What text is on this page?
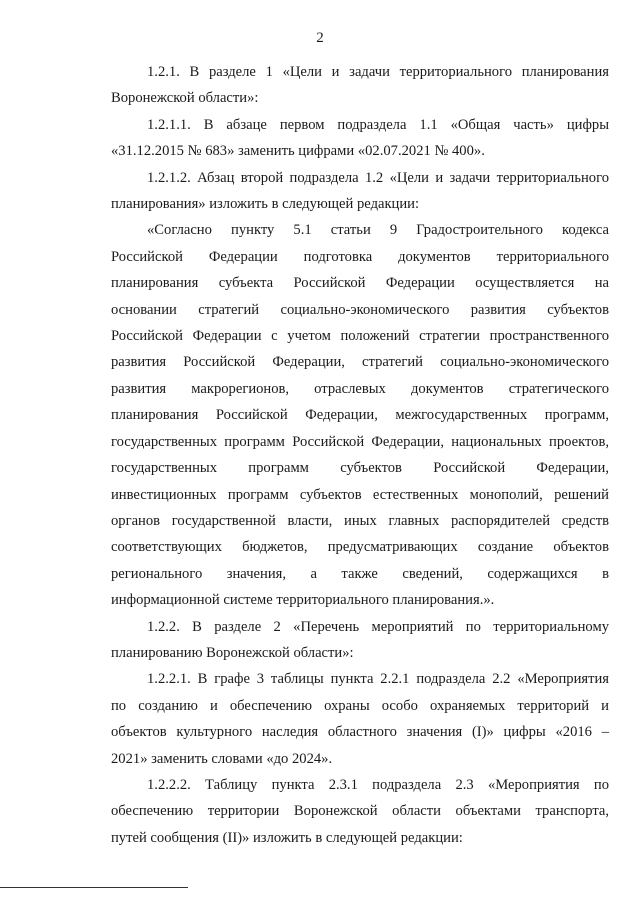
2
1.2.1. В разделе 1 «Цели и задачи территориального планирования
Воронежской области»:
1.2.1.1. В абзаце первом подраздела 1.1 «Общая часть» цифры
«31.12.2015 № 683» заменить цифрами «02.07.2021 № 400».
1.2.1.2. Абзац второй подраздела 1.2 «Цели и задачи территориального
планирования» изложить в следующей редакции:
«Согласно пункту 5.1 статьи 9 Градостроительного кодекса
Российской Федерации подготовка документов территориального
планирования субъекта Российской Федерации осуществляется на
основании стратегий социально-экономического развития субъектов
Российской Федерации с учетом положений стратегии пространственного
развития Российской Федерации, стратегий социально-экономического
развития макрорегионов, отраслевых документов стратегического
планирования Российской Федерации, межгосударственных программ,
государственных программ Российской Федерации, национальных проектов,
государственных программ субъектов Российской Федерации,
инвестиционных программ субъектов естественных монополий, решений
органов государственной власти, иных главных распорядителей средств
соответствующих бюджетов, предусматривающих создание объектов
регионального значения, а также сведений, содержащихся в
информационной системе территориального планирования.».
1.2.2. В разделе 2 «Перечень мероприятий по территориальному
планированию Воронежской области»:
1.2.2.1. В графе 3 таблицы пункта 2.2.1 подраздела 2.2 «Мероприятия
по созданию и обеспечению охраны особо охраняемых территорий и
объектов культурного наследия областного значения (I)» цифры «2016 –
2021» заменить словами «до 2024».
1.2.2.2. Таблицу пункта 2.3.1 подраздела 2.3 «Мероприятия по
обеспечению территории Воронежской области объектами транспорта,
путей сообщения (II)» изложить в следующей редакции:
